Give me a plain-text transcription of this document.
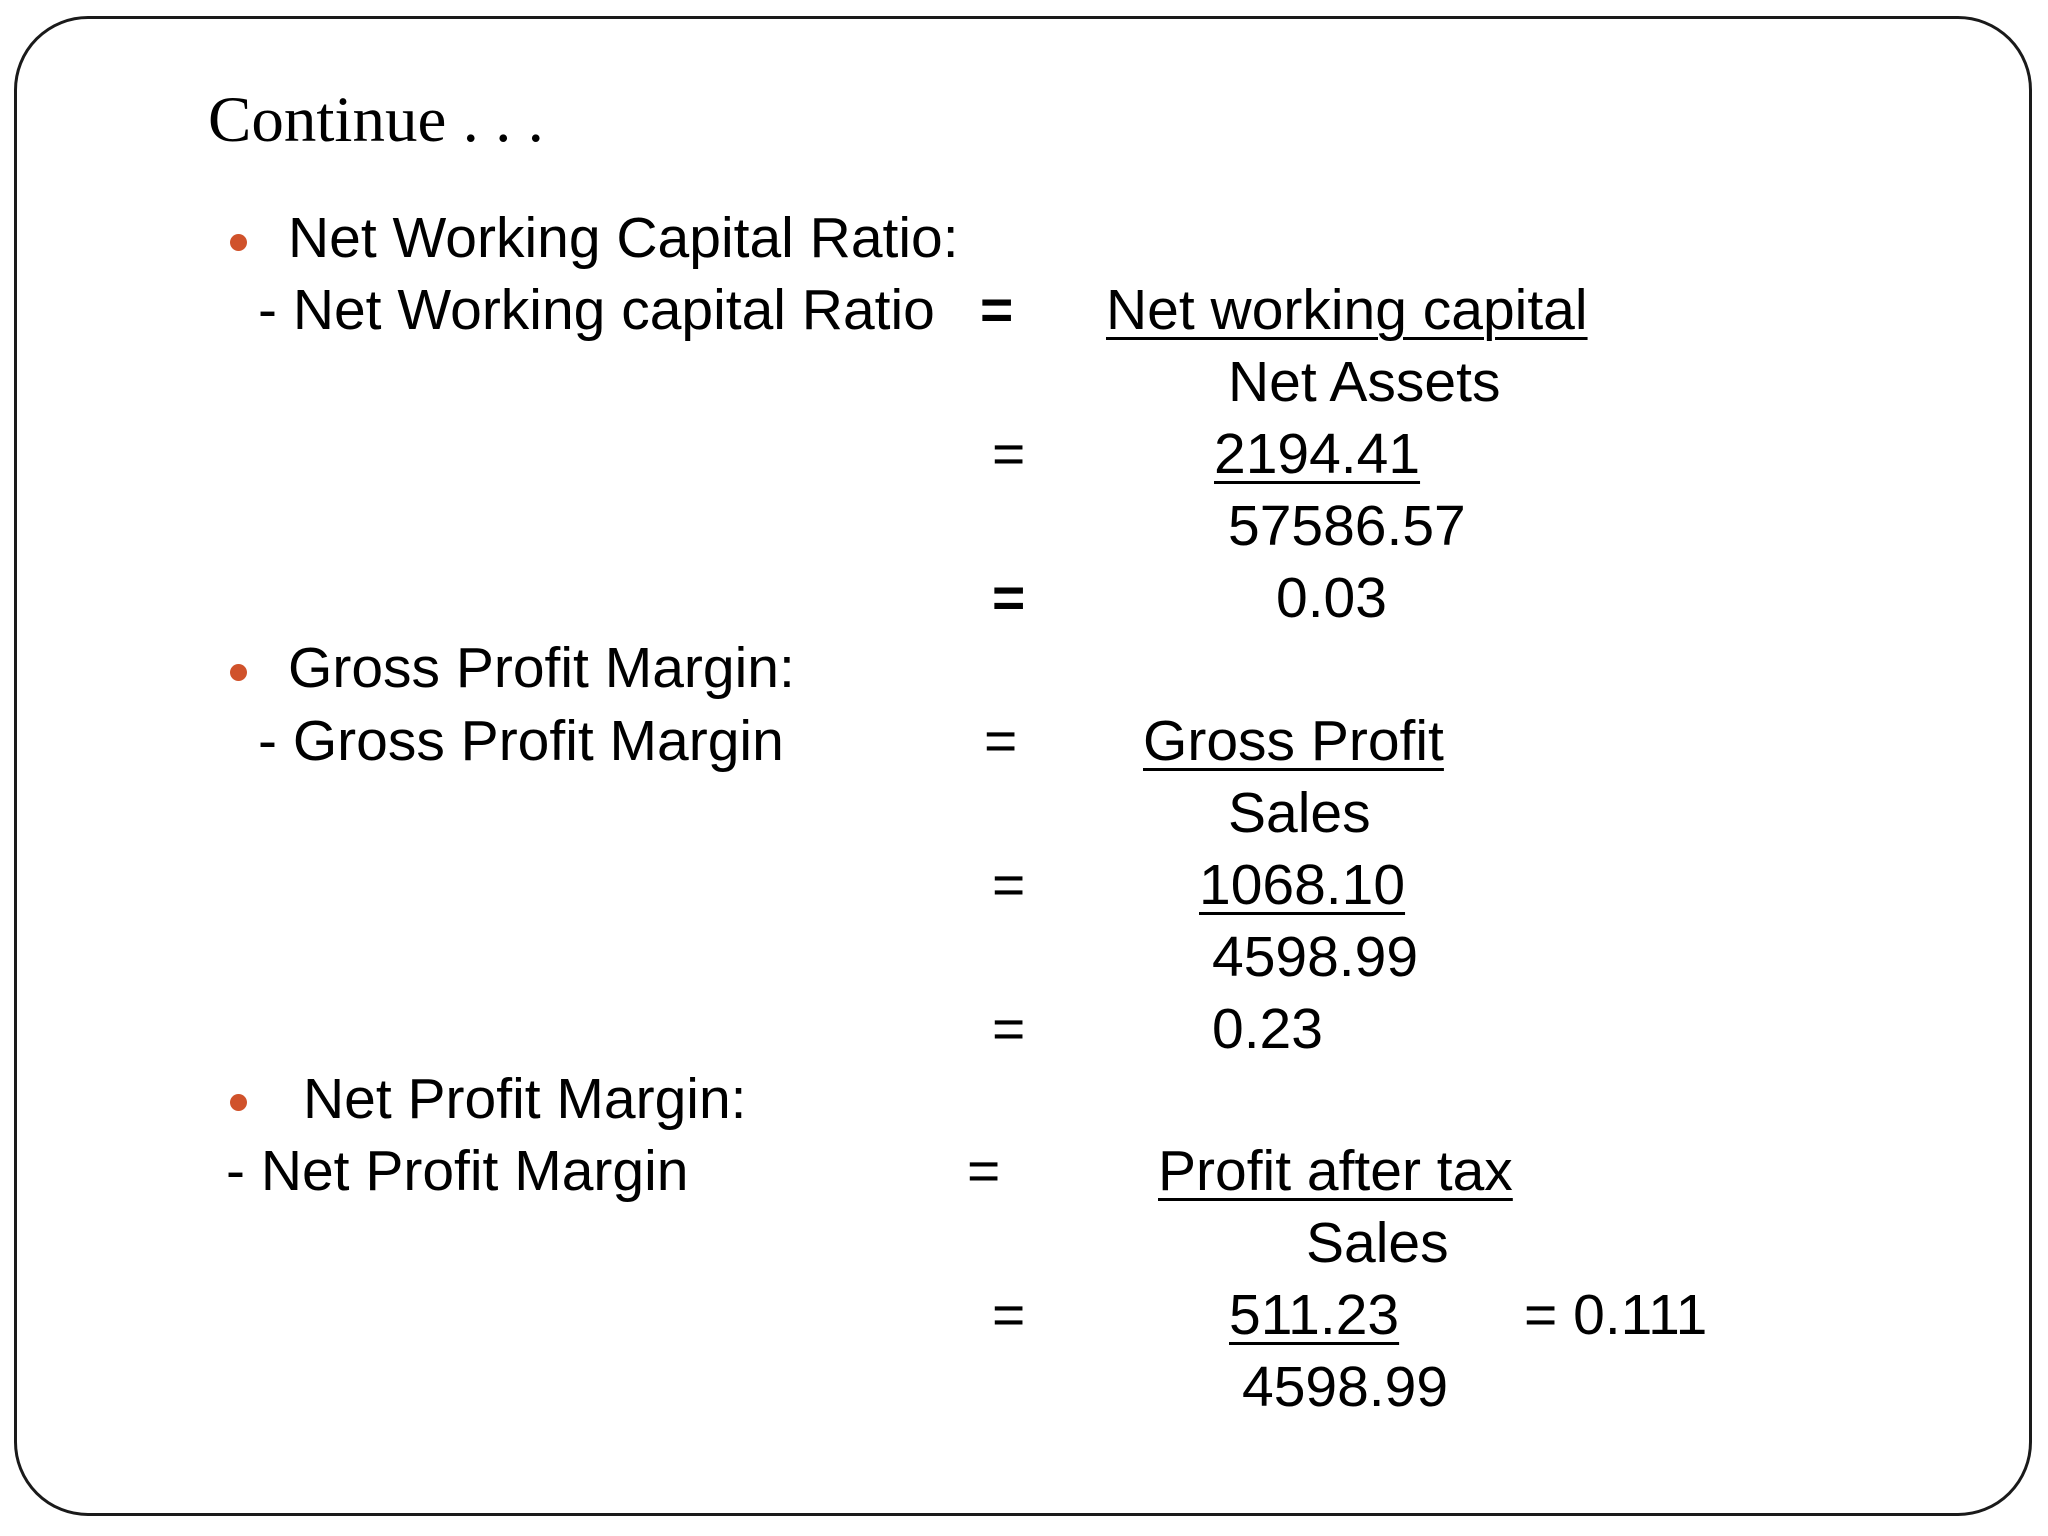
Continue . . .
Net Working Capital Ratio:
- Net Working capital Ratio = Net working capital
Net Assets
=	2194.41
57586.57
=	0.03
Gross Profit Margin:
- Gross Profit Margin	= Gross Profit
Sales
=	1068.10
4598.99
=	0.23
Net Profit Margin:
- Net Profit Margin	=	Profit after tax
Sales
=	511.23 = 0.111
4598.99
